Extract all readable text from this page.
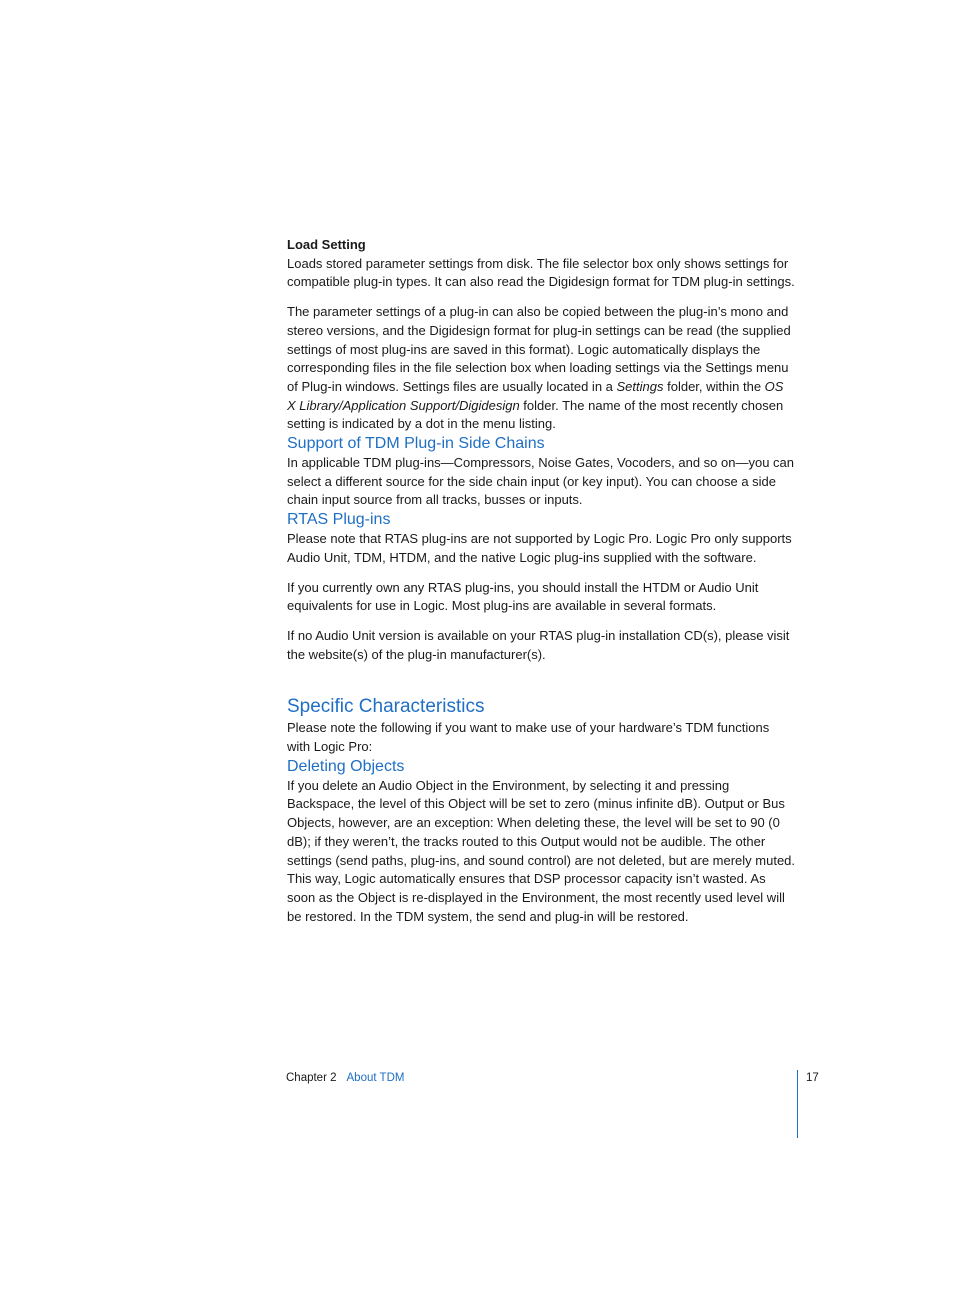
Load Setting

Loads stored parameter settings from disk. The file selector box only shows settings for compatible plug-in types. It can also read the Digidesign format for TDM plug-in settings.

The parameter settings of a plug-in can also be copied between the plug-in’s mono and stereo versions, and the Digidesign format for plug-in settings can be read (the supplied settings of most plug-ins are saved in this format). Logic automatically displays the corresponding files in the file selection box when loading settings via the Settings menu of Plug-in windows. Settings files are usually located in a Settings folder, within the OS X Library/Application Support/Digidesign folder. The name of the most recently chosen setting is indicated by a dot in the menu listing.

Support of TDM Plug-in Side Chains

In applicable TDM plug-ins—Compressors, Noise Gates, Vocoders, and so on—you can select a different source for the side chain input (or key input). You can choose a side chain input source from all tracks, busses or inputs.

RTAS Plug-ins

Please note that RTAS plug-ins are not supported by Logic Pro. Logic Pro only supports Audio Unit, TDM, HTDM, and the native Logic plug-ins supplied with the software.

If you currently own any RTAS plug-ins, you should install the HTDM or Audio Unit equivalents for use in Logic. Most plug-ins are available in several formats.

If no Audio Unit version is available on your RTAS plug-in installation CD(s), please visit the website(s) of the plug-in manufacturer(s).

Specific Characteristics

Please note the following if you want to make use of your hardware’s TDM functions with Logic Pro:

Deleting Objects

If you delete an Audio Object in the Environment, by selecting it and pressing Backspace, the level of this Object will be set to zero (minus infinite dB). Output or Bus Objects, however, are an exception: When deleting these, the level will be set to 90 (0 dB); if they weren’t, the tracks routed to this Output would not be audible. The other settings (send paths, plug-ins, and sound control) are not deleted, but are merely muted. This way, Logic automatically ensures that DSP processor capacity isn’t wasted. As soon as the Object is re-displayed in the Environment, the most recently used level will be restored. In the TDM system, the send and plug-in will be restored.

Chapter 2 About TDM	17
